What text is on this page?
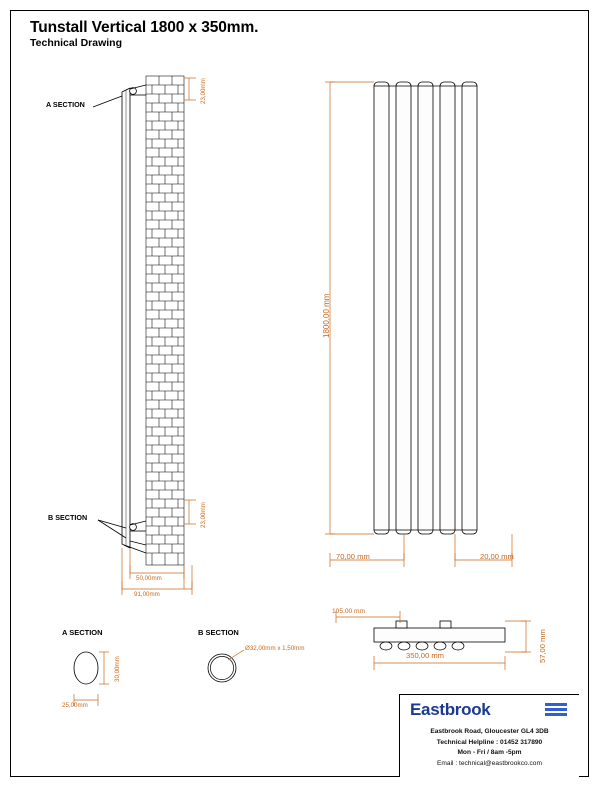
Tunstall Vertical 1800 x 350mm.
Technical Drawing
A SECTION
B SECTION
23,00mm
23,00mm
50,00mm
91,00mm
1800,00 mm
70,00 mm	20,00 mm
105,00 mm
350,00 mm	57,00 mm
A SECTION	B SECTION
30,00mm
25,00mm
Ø32,00mm x 1,50mm
Eastbrook
Eastbrook Road, Gloucester GL4 3DB
Technical Helpline : 01452 317890
Mon - Fri / 8am -5pm
Email : technical@eastbrookco.com
